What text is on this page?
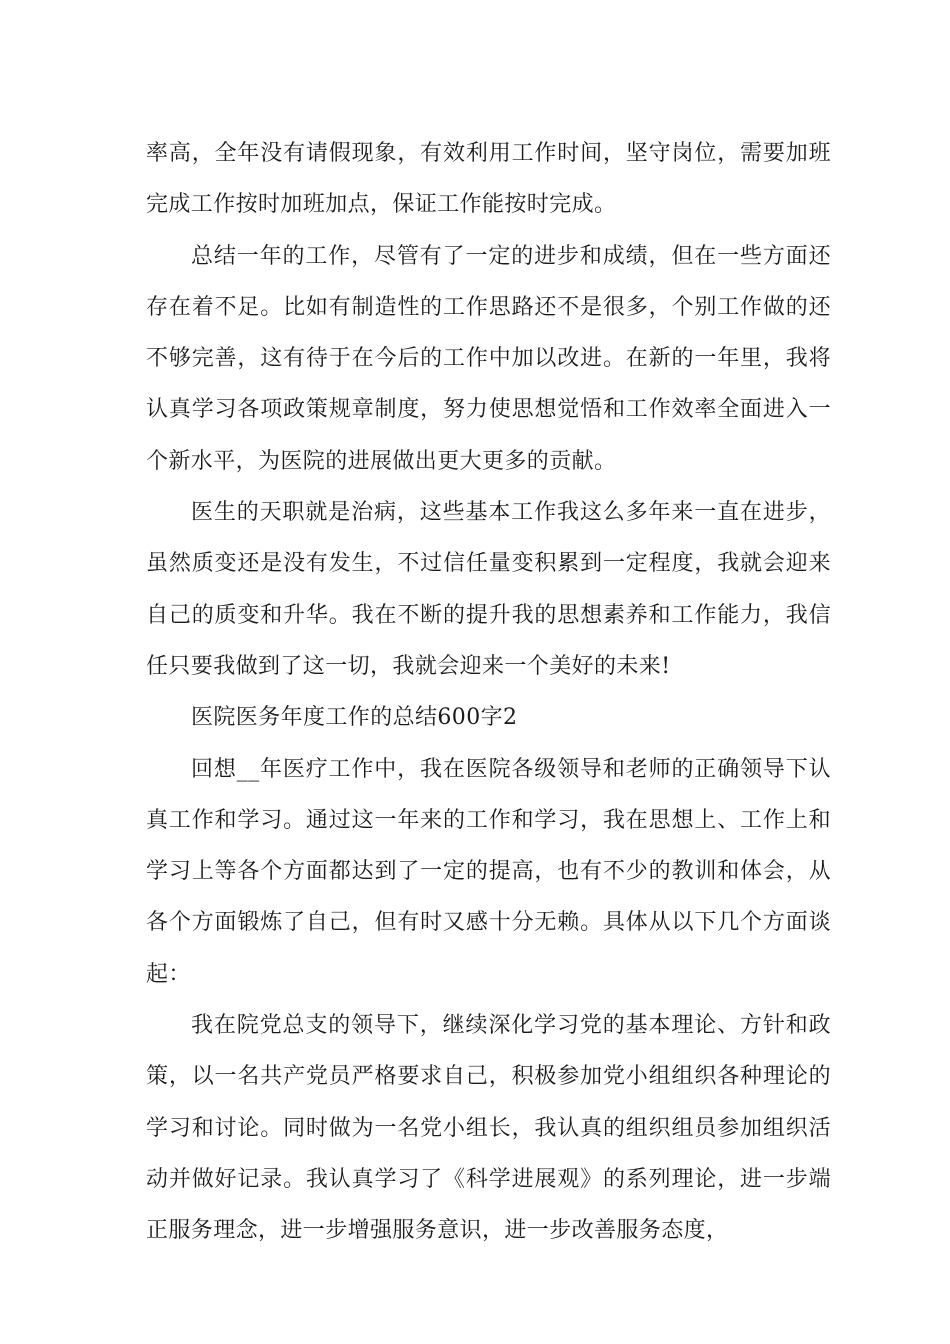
率高，全年没有请假现象，有效利用工作时间，坚守岗位，需要加班完成工作按时加班加点，保证工作能按时完成。

总结一年的工作，尽管有了一定的进步和成绩，但在一些方面还存在着不足。比如有制造性的工作思路还不是很多，个别工作做的还不够完善，这有待于在今后的工作中加以改进。在新的一年里，我将认真学习各项政策规章制度，努力使思想觉悟和工作效率全面进入一个新水平，为医院的进展做出更大更多的贡献。

医生的天职就是治病，这些基本工作我这么多年来一直在进步，虽然质变还是没有发生，不过信任量变积累到一定程度，我就会迎来自己的质变和升华。我在不断的提升我的思想素养和工作能力，我信任只要我做到了这一切，我就会迎来一个美好的未来!

医院医务年度工作的总结600字2

回想__年医疗工作中，我在医院各级领导和老师的正确领导下认真工作和学习。通过这一年来的工作和学习，我在思想上、工作上和学习上等各个方面都达到了一定的提高，也有不少的教训和体会，从各个方面锻炼了自己，但有时又感十分无赖。具体从以下几个方面谈起：

我在院党总支的领导下，继续深化学习党的基本理论、方针和政策，以一名共产党员严格要求自己，积极参加党小组组织各种理论的学习和讨论。同时做为一名党小组长，我认真的组织组员参加组织活动并做好记录。我认真学习了《科学进展观》的系列理论，进一步端正服务理念，进一步增强服务意识，进一步改善服务态度，
